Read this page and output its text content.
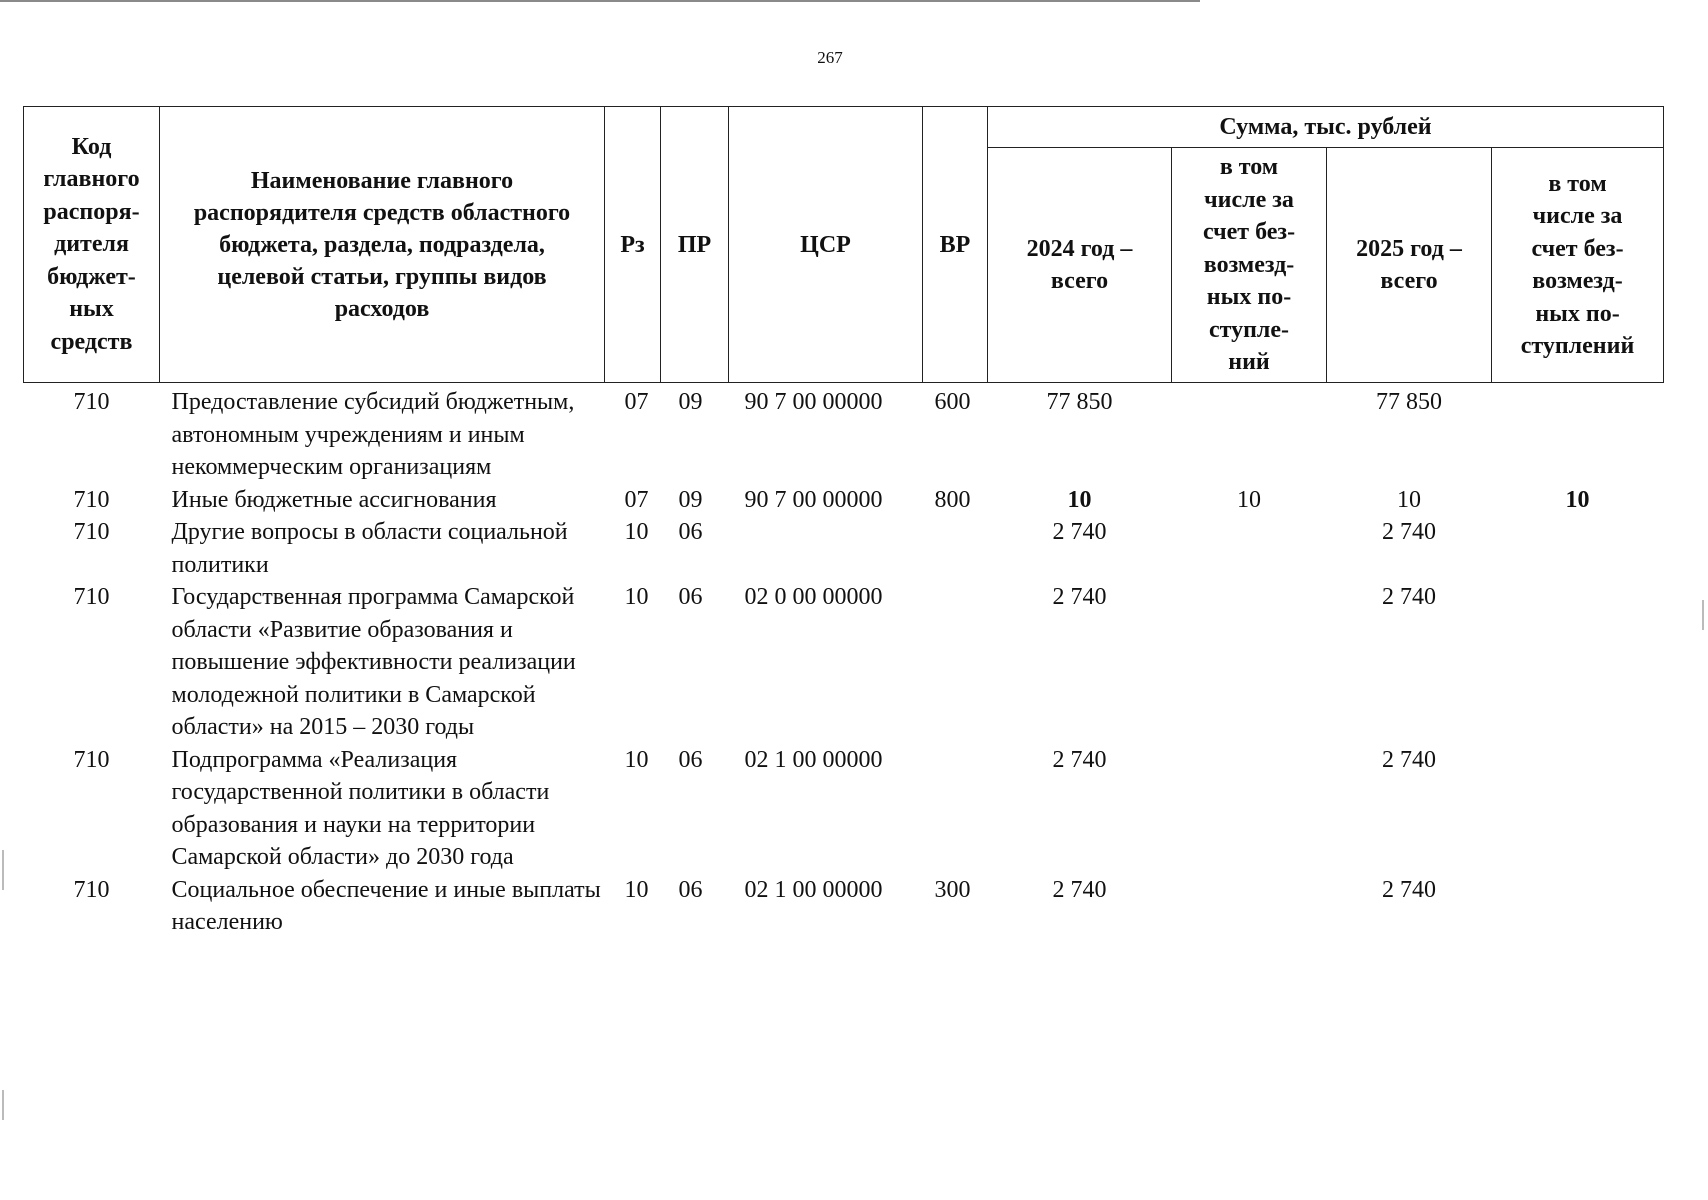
267
Код главного распоря-дителя бюджет-ных средств	Наименование главного распорядителя средств областного бюджета, раздела, подраздела, целевой статьи, группы видов расходов	Рз	ПР	ЦСР	ВР	Сумма, тыс. рублей			
						2024 год – всего	в том числе за счет без-возмезд-ных по-ступле-ний	2025 год – всего	в том числе за счет без-возмезд-ных по-ступлений
710	Предоставление субсидий бюджетным, автономным учреждениям и иным некоммерческим организациям	07	09	90 7 00 00000	600	77 850		77 850	
710	Иные бюджетные ассигнования	07	09	90 7 00 00000	800	10	10	10	10
710	Другие вопросы в области социальной политики	10	06			2 740		2 740	
710	Государственная программа Самарской области «Развитие образования и повышение эффективности реализации молодежной политики в Самарской области» на 2015 – 2030 годы	10	06	02 0 00 00000		2 740		2 740	
710	Подпрограмма «Реализация государственной политики в области образования и науки на территории Самарской области» до 2030 года	10	06	02 1 00 00000		2 740		2 740	
710	Социальное обеспечение и иные выплаты населению	10	06	02 1 00 00000	300	2 740		2 740	
